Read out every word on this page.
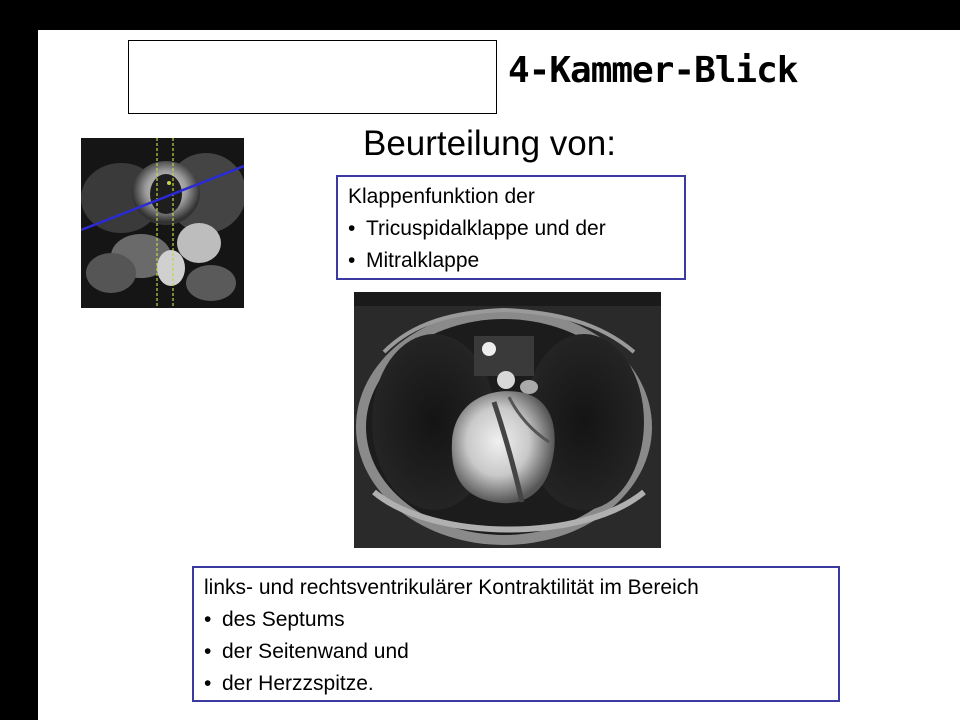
4-Kammer-Blick
Beurteilung von:
Klappenfunktion der
• Tricuspidalklappe und der
• Mitralklappe
links- und rechtsventrikulärer Kontraktilität im Bereich
• des Septums
• der Seitenwand und
• der Herzzspitze.
